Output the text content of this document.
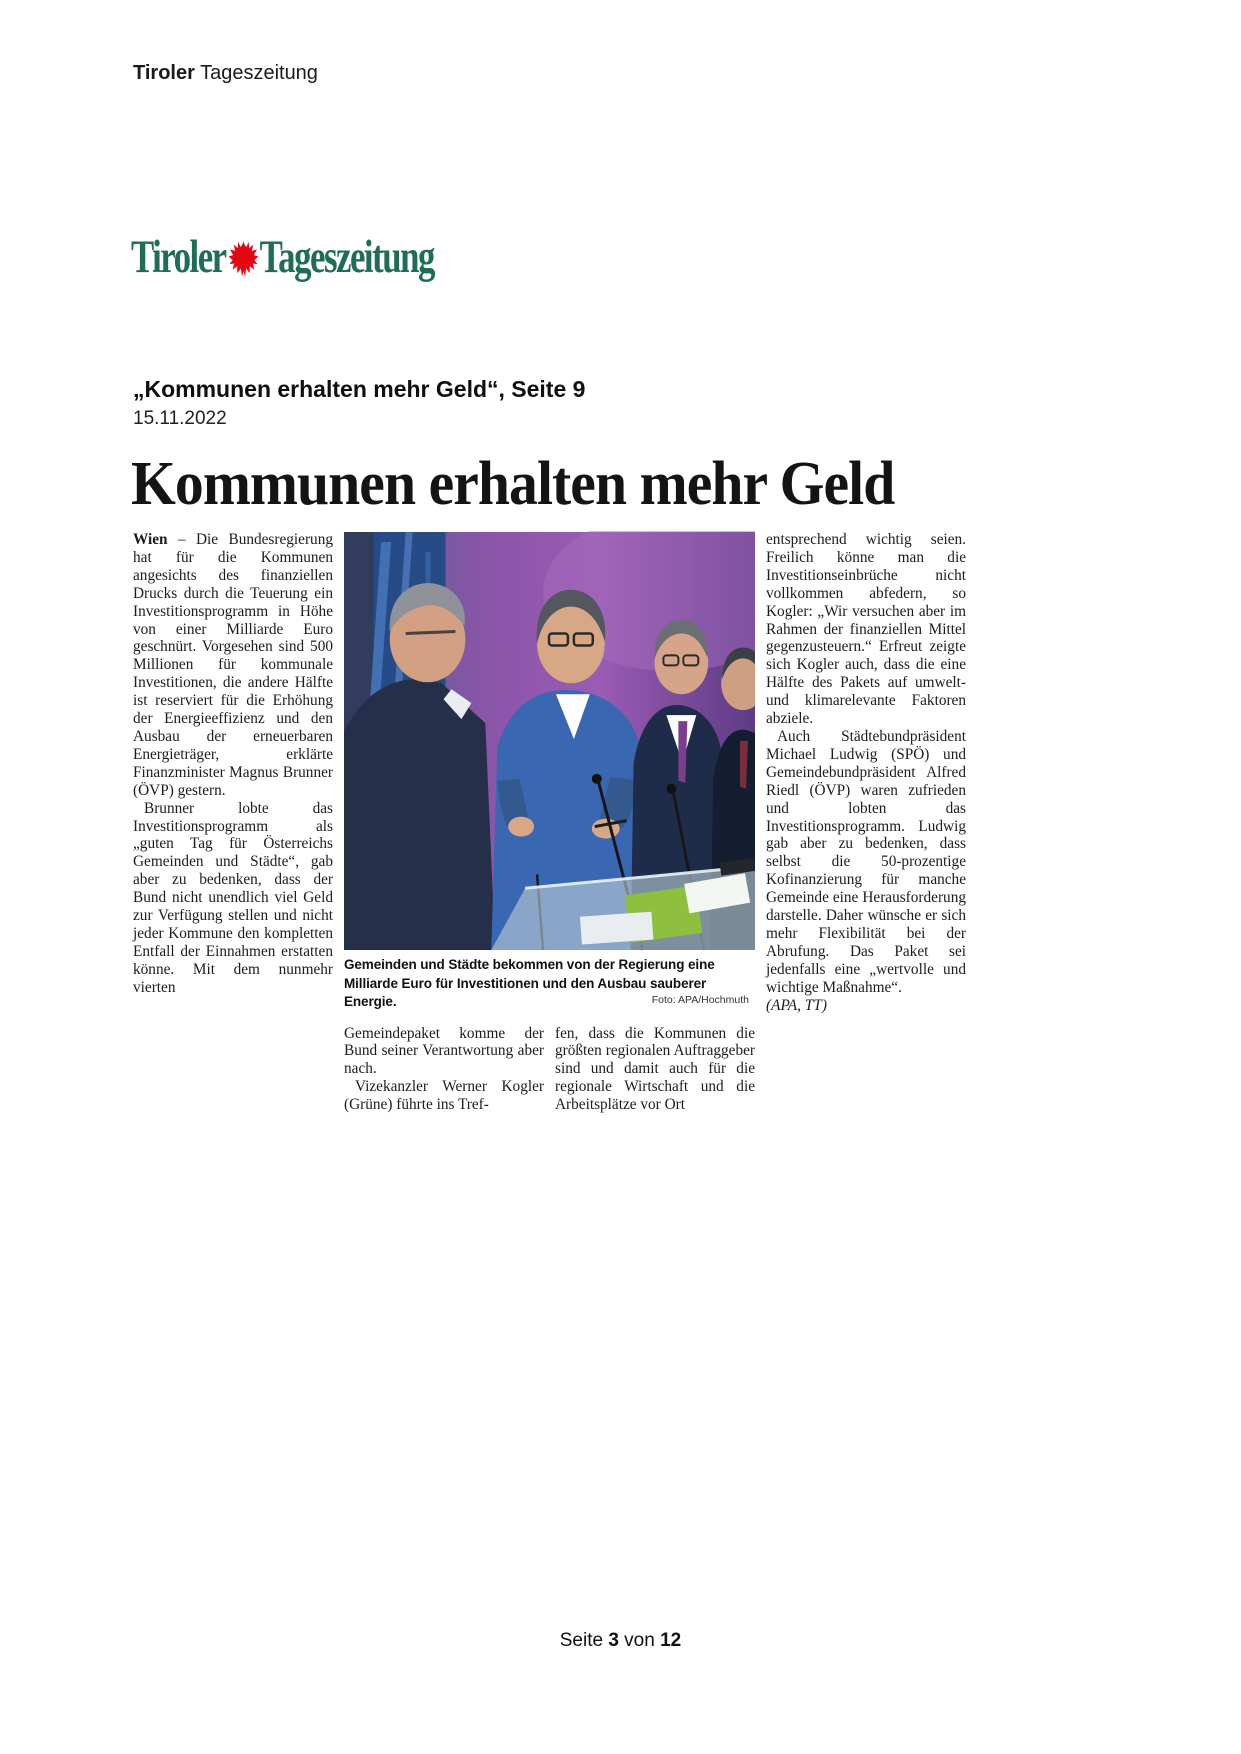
Tiroler Tageszeitung
Tiroler Tageszeitung
„Kommunen erhalten mehr Geld“, Seite 9
15.11.2022
Kommunen erhalten mehr Geld

Wien – Die Bundesregierung hat für die Kommunen angesichts des finanziellen Drucks durch die Teuerung ein Investitionsprogramm in Höhe von einer Milliarde Euro geschnürt. Vorgesehen sind 500 Millionen für kommunale Investitionen, die andere Hälfte ist reserviert für die Erhöhung der Energieeffizienz und den Ausbau der erneuerbaren Energieträger, erklärte Finanzminister Magnus Brunner (ÖVP) gestern.

Brunner lobte das Investitionsprogramm als „guten Tag für Österreichs Gemeinden und Städte“, gab aber zu bedenken, dass der Bund nicht unendlich viel Geld zur Verfügung stellen und nicht jeder Kommune den kompletten Entfall der Einnahmen erstatten könne. Mit dem nunmehr vierten

Gemeinden und Städte bekommen von der Regierung eine Milliarde Euro für Investitionen und den Ausbau sauberer Energie.	Foto: APA/Hochmuth

Gemeindepaket komme der Bund seiner Verantwortung aber nach.

Vizekanzler Werner Kogler (Grüne) führte ins Tref-

fen, dass die Kommunen die größten regionalen Auftraggeber sind und damit auch für die regionale Wirtschaft und die Arbeitsplätze vor Ort

entsprechend wichtig seien. Freilich könne man die Investitionseinbrüche nicht vollkommen abfedern, so Kogler: „Wir versuchen aber im Rahmen der finanziellen Mittel gegenzusteuern.“ Erfreut zeigte sich Kogler auch, dass die eine Hälfte des Pakets auf umwelt- und klimarelevante Faktoren abziele.

Auch Städtebundpräsident Michael Ludwig (SPÖ) und Gemeindebundpräsident Alfred Riedl (ÖVP) waren zufrieden und lobten das Investitionsprogramm. Ludwig gab aber zu bedenken, dass selbst die 50-prozentige Kofinanzierung für manche Gemeinde eine Herausforderung darstelle. Daher wünsche er sich mehr Flexibilität bei der Abrufung. Das Paket sei jedenfalls eine „wertvolle und wichtige Maßnahme“.

(APA, TT)

Seite 3 von 12
